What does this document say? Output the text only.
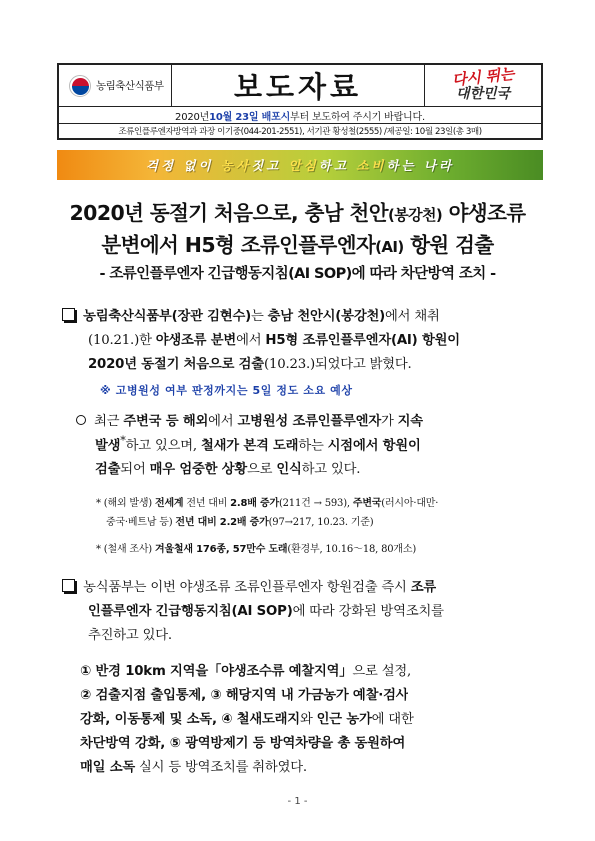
농림축산식품부	보도자료	다시 뛰는
대한민국
2020년 10월 23일 배포시 부터 보도하여 주시기 바랍니다.
조류인플루엔자방역과 과장 이기중(044-201-2551), 서기관 황성철(2555) /제공일: 10월 23일(총 3매)
걱정 없이 농사짓고 안심하고 소비하는 나라
2020년 동절기 처음으로, 충남 천안(봉강천) 야생조류
분변에서 H5형 조류인플루엔자(AI) 항원 검출
- 조류인플루엔자 긴급행동지침(AI SOP)에 따라 차단방역 조치 -
농림축산식품부(장관 김현수)는 충남 천안시(봉강천)에서 채취
(10.21.)한 야생조류 분변에서 H5형 조류인플루엔자(AI) 항원이
2020년 동절기 처음으로 검출(10.23.)되었다고 밝혔다.
※ 고병원성 여부 판정까지는 5일 정도 소요 예상
최근 주변국 등 해외에서 고병원성 조류인플루엔자가 지속
발생*하고 있으며, 철새가 본격 도래하는 시점에서 항원이
검출되어 매우 엄중한 상황으로 인식하고 있다.
* (해외 발생) 전세계 전년 대비 2.8배 증가(211건 → 593), 주변국(러시아·대만·
중국·베트남 등) 전년 대비 2.2배 증가(97→217, 10.23. 기준)
* (철새 조사) 겨울철새 176종, 57만수 도래(환경부, 10.16～18, 80개소)
농식품부는 이번 야생조류 조류인플루엔자 항원검출 즉시 조류
인플루엔자 긴급행동지침(AI SOP)에 따라 강화된 방역조치를
추진하고 있다.
① 반경 10km 지역을「야생조수류 예찰지역」으로 설정,
② 검출지점 출입통제, ③ 해당지역 내 가금농가 예찰·검사
강화, 이동통제 및 소독, ④ 철새도래지와 인근 농가에 대한
차단방역 강화, ⑤ 광역방제기 등 방역차량을 총 동원하여
매일 소독 실시 등 방역조치를 취하였다.
- 1 -
